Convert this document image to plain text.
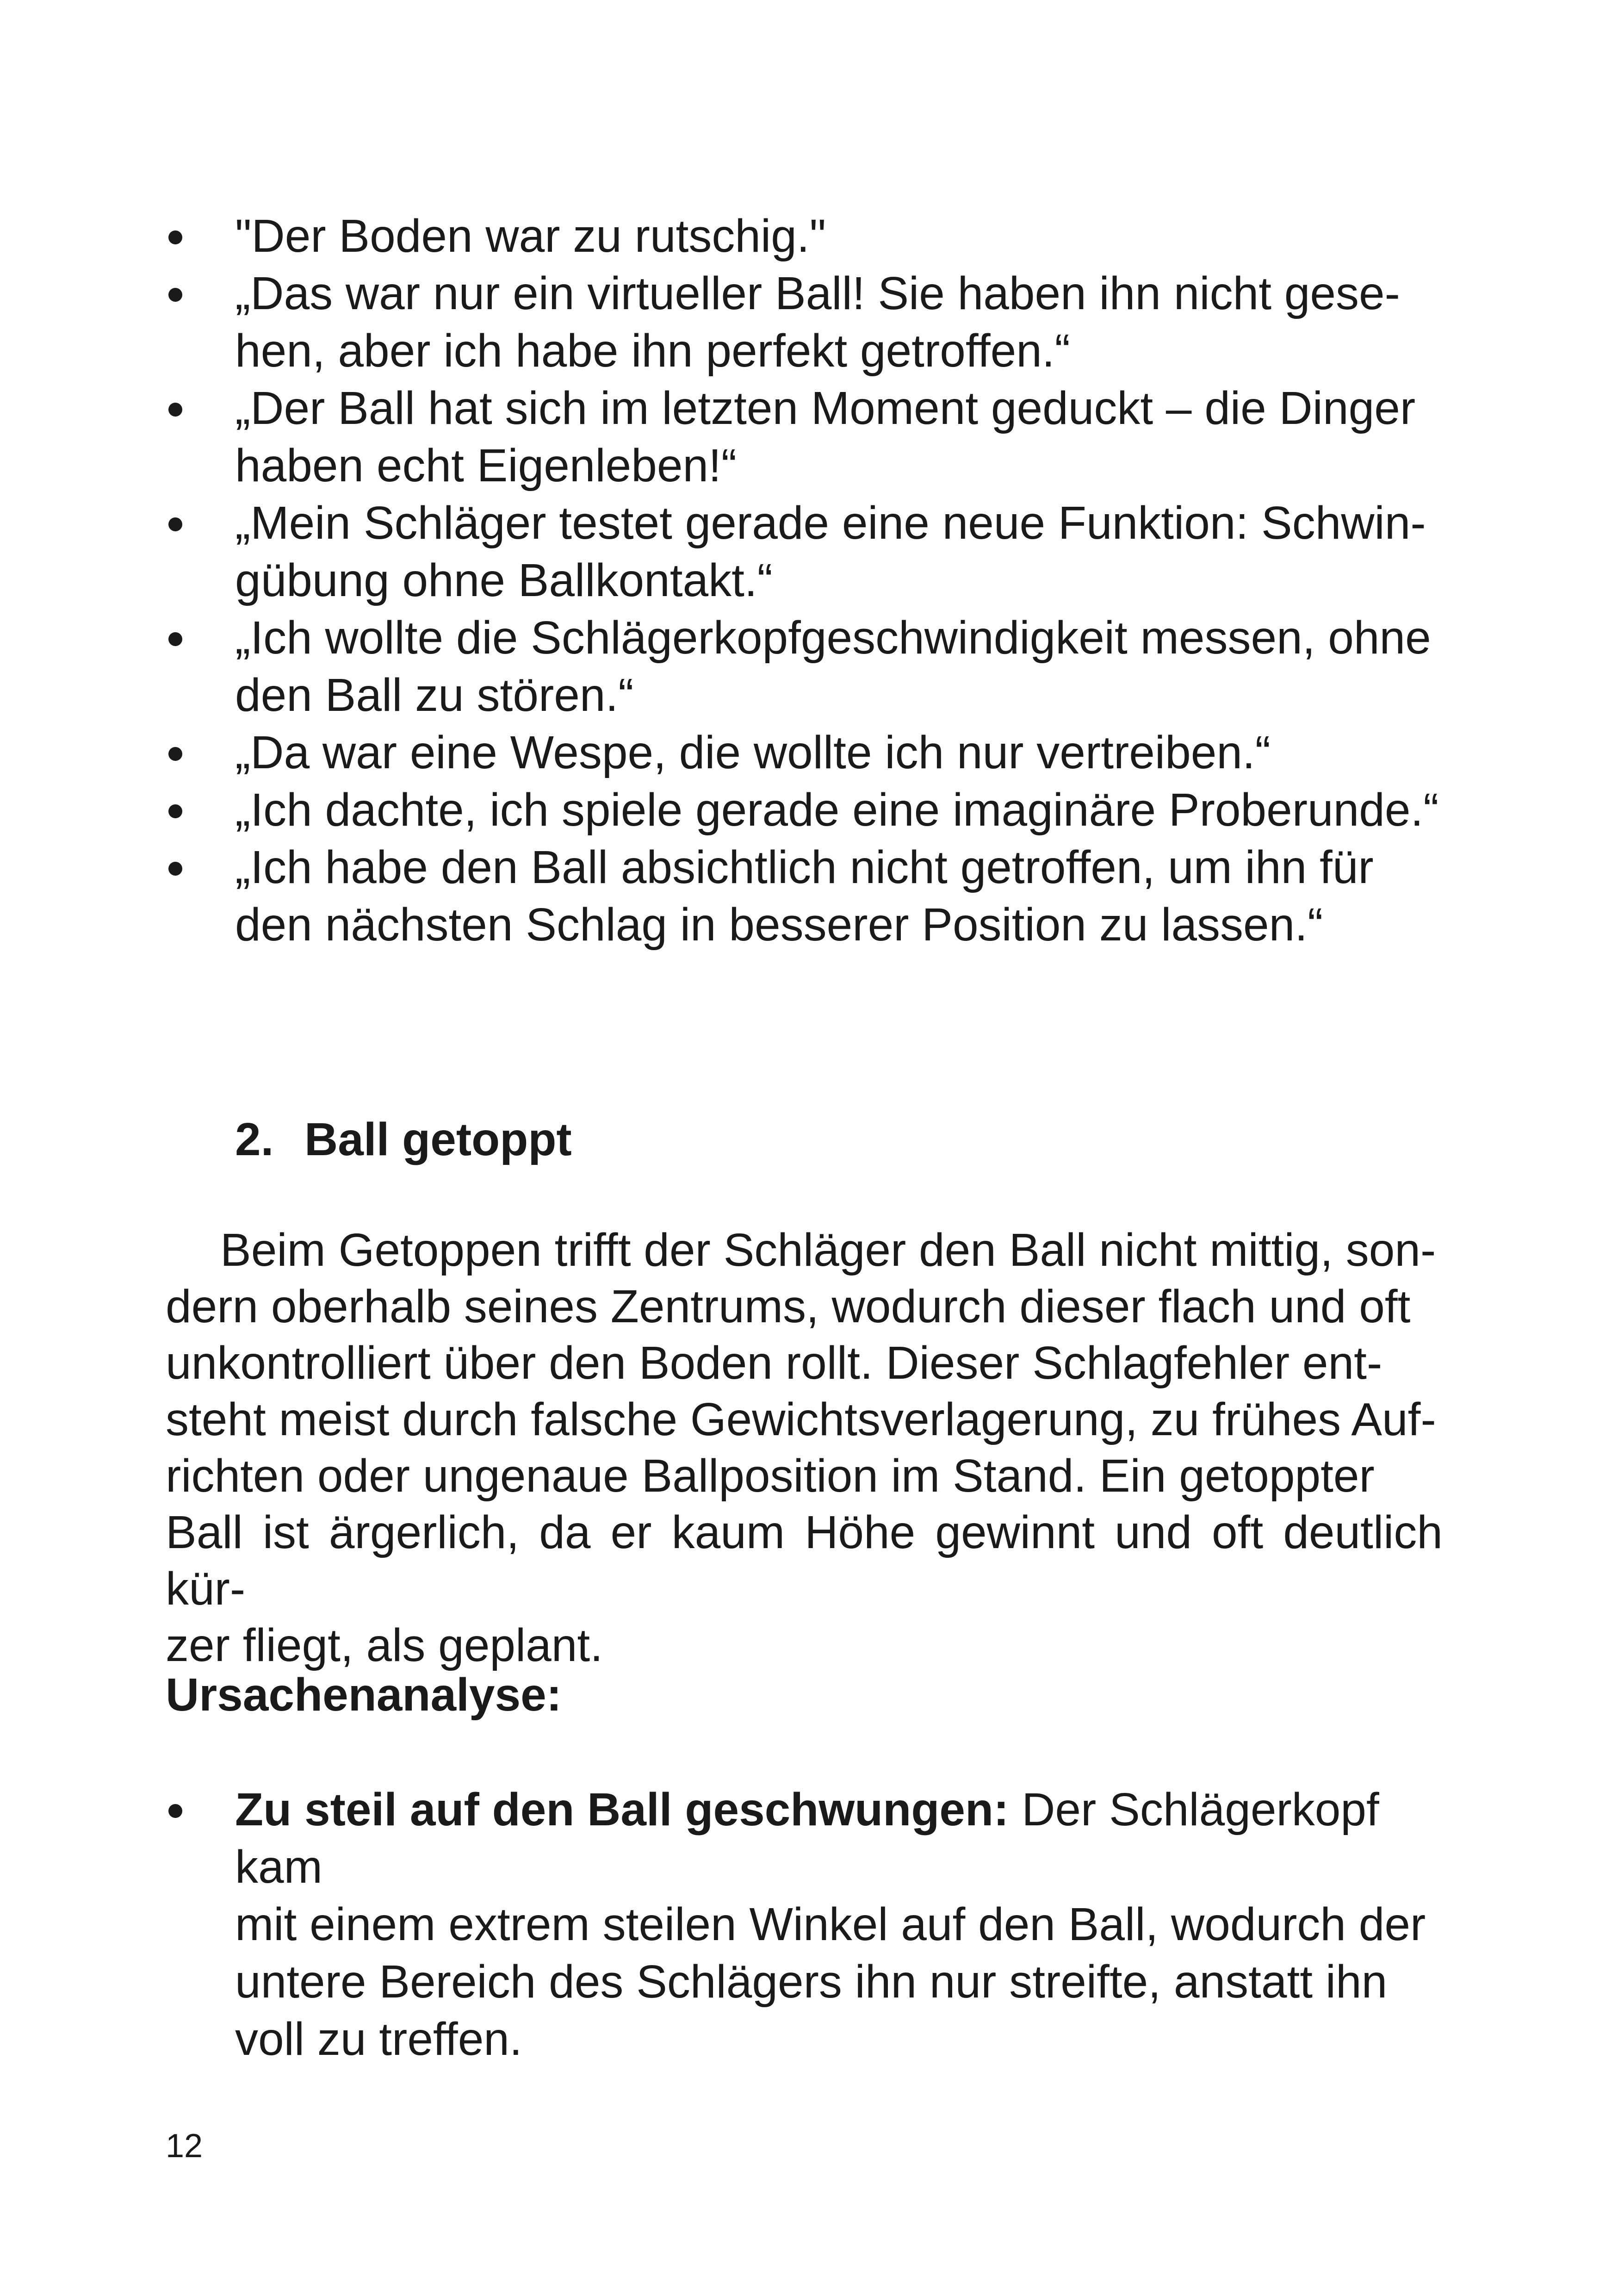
"Der Boden war zu rutschig."
„Das war nur ein virtueller Ball! Sie haben ihn nicht gese-
hen, aber ich habe ihn perfekt getroffen.“
„Der Ball hat sich im letzten Moment geduckt – die Dinger
haben echt Eigenleben!“
„Mein Schläger testet gerade eine neue Funktion: Schwin-
gübung ohne Ballkontakt.“
„Ich wollte die Schlägerkopfgeschwindigkeit messen, ohne
den Ball zu stören.“
„Da war eine Wespe, die wollte ich nur vertreiben.“
„Ich dachte, ich spiele gerade eine imaginäre Proberunde.“
„Ich habe den Ball absichtlich nicht getroffen, um ihn für
den nächsten Schlag in besserer Position zu lassen.“
2. Ball getoppt
Beim Getoppen trifft der Schläger den Ball nicht mittig, son-
dern oberhalb seines Zentrums, wodurch dieser flach und oft
unkontrolliert über den Boden rollt. Dieser Schlagfehler ent-
steht meist durch falsche Gewichtsverlagerung, zu frühes Auf-
richten oder ungenaue Ballposition im Stand. Ein getoppter
Ball ist ärgerlich, da er kaum Höhe gewinnt und oft deutlich kür-
zer fliegt, als geplant.
Ursachenanalyse:
Zu steil auf den Ball geschwungen: Der Schlägerkopf kam
mit einem extrem steilen Winkel auf den Ball, wodurch der
untere Bereich des Schlägers ihn nur streifte, anstatt ihn
voll zu treffen.
12
